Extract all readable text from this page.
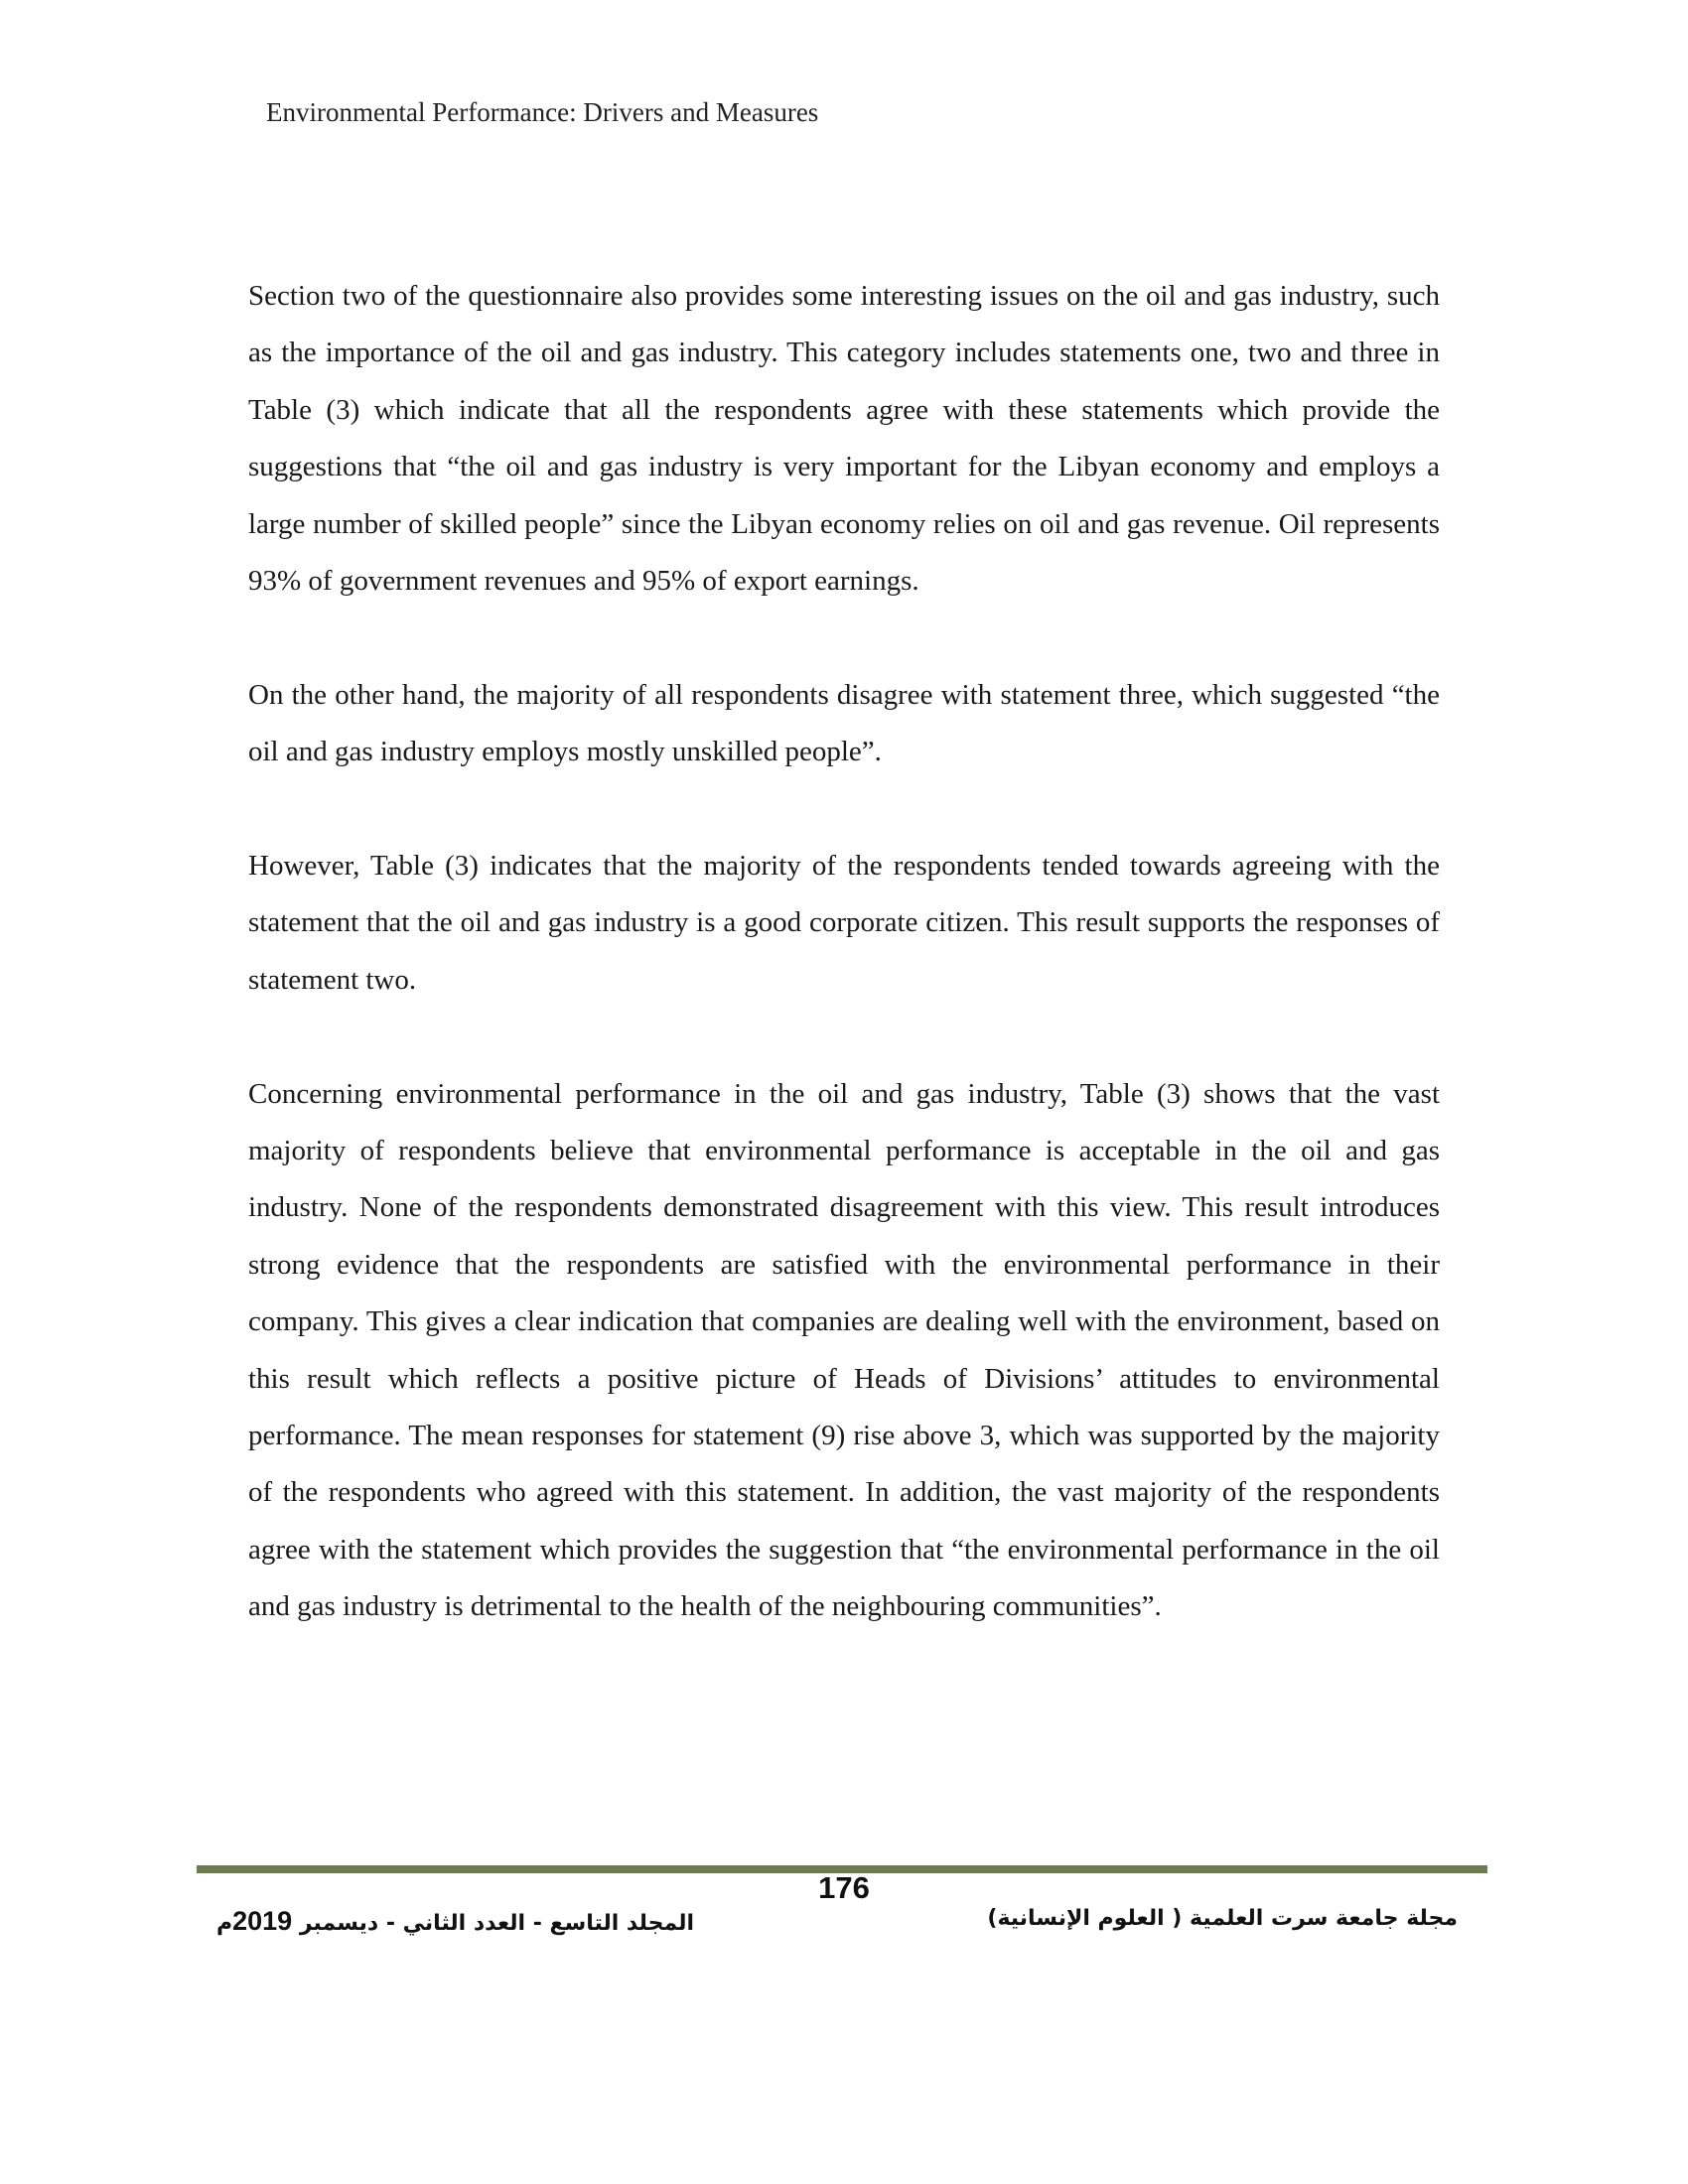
Environmental Performance: Drivers and Measures

Section two of the questionnaire also provides some interesting issues on the oil and gas industry, such as the importance of the oil and gas industry. This category includes statements one, two and three in Table (3) which indicate that all the respondents agree with these statements which provide the suggestions that “the oil and gas industry is very important for the Libyan economy and employs a large number of skilled people” since the Libyan economy relies on oil and gas revenue. Oil represents 93% of government revenues and 95% of export earnings.

On the other hand, the majority of all respondents disagree with statement three, which suggested “the oil and gas industry employs mostly unskilled people”.

However, Table (3) indicates that the majority of the respondents tended towards agreeing with the statement that the oil and gas industry is a good corporate citizen. This result supports the responses of statement two.

Concerning environmental performance in the oil and gas industry, Table (3) shows that the vast majority of respondents believe that environmental performance is acceptable in the oil and gas industry. None of the respondents demonstrated disagreement with this view. This result introduces strong evidence that the respondents are satisfied with the environmental performance in their company. This gives a clear indication that companies are dealing well with the environment, based on this result which reflects a positive picture of Heads of Divisions’ attitudes to environmental performance. The mean responses for statement (9) rise above 3, which was supported by the majority of the respondents who agreed with this statement. In addition, the vast majority of the respondents agree with the statement which provides the suggestion that “the environmental performance in the oil and gas industry is detrimental to the health of the neighbouring communities”.

176
مجلة جامعة سرت العلمية ( العلوم الإنسانية)
المجلد التاسع - العدد الثاني - ديسمبر 2019م
